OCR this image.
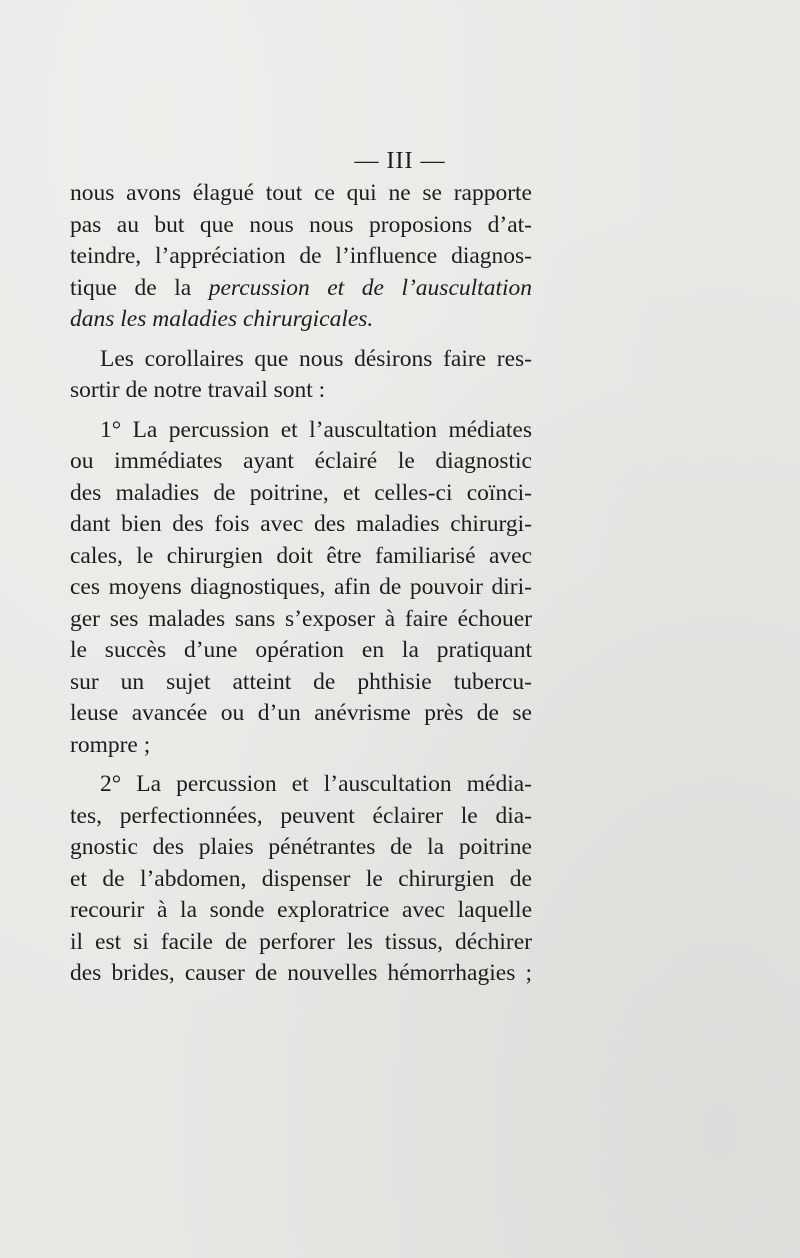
— III —

nous avons élagué tout ce qui ne se rapporte
pas au but que nous nous proposions d’at-
teindre, l’appréciation de l’influence diagnos-
tique de la percussion et de l’auscultation
dans les maladies chirurgicales.

Les corollaires que nous désirons faire res-
sortir de notre travail sont :

1° La percussion et l’auscultation médiates
ou immédiates ayant éclairé le diagnostic
des maladies de poitrine, et celles-ci coïnci-
dant bien des fois avec des maladies chirurgi-
cales, le chirurgien doit être familiarisé avec
ces moyens diagnostiques, afin de pouvoir diri-
ger ses malades sans s’exposer à faire échouer
le succès d’une opération en la pratiquant
sur un sujet atteint de phthisie tubercu-
leuse avancée ou d’un anévrisme près de se
rompre ;

2° La percussion et l’auscultation média-
tes, perfectionnées, peuvent éclairer le dia-
gnostic des plaies pénétrantes de la poitrine
et de l’abdomen, dispenser le chirurgien de
recourir à la sonde exploratrice avec laquelle
il est si facile de perforer les tissus, déchirer
des brides, causer de nouvelles hémorrhagies ;
